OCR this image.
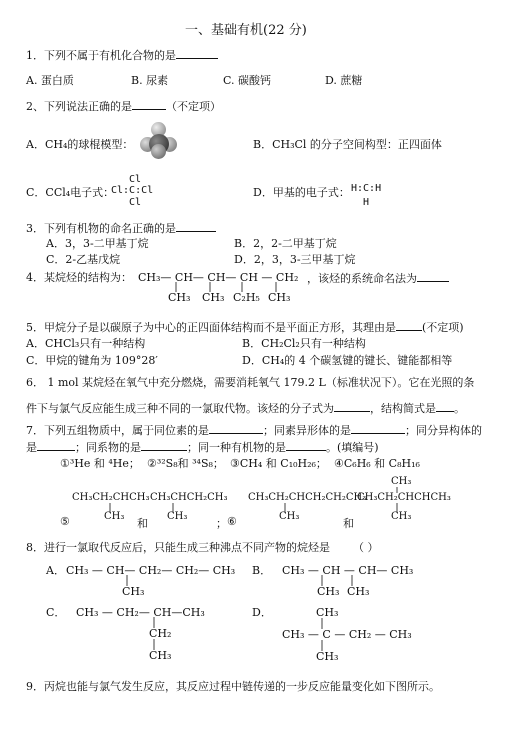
一、基础有机(22 分)
1．下列不属于有机化合物的是
A. 蛋白质	B. 尿素	C. 碳酸钙	D. 蔗糖
2、下列说法正确的是	（不定项）
A．CH₄的球棍模型：	B．CH₃Cl 的分子空间构型：正四面体
C．CCl₄电子式：
Cl
Cl:C:Cl
Cl
D．甲基的电子式： H:C:H
H
3．下列有机物的命名正确的是
A．3，3-二甲基丁烷	B．2，2-二甲基丁烷
C．2-乙基戊烷	D．2，3，3-三甲基丁烷
4．某烷烃的结构为： CH₃— CH— CH— CH — CH₂
CH₃ CH₃ C₂H₅ CH₃
，该烃的系统命名法为
5．甲烷分子是以碳原子为中心的正四面体结构而不是平面正方形，其理由是 (不定项)
A．CHCl₃只有一种结构	B．CH₂Cl₂只有一种结构
C．甲烷的键角为 109°28′	D．CH₄的 4 个碳氢键的键长、键能都相等
6． 1 mol 某烷烃在氧气中充分燃烧，需要消耗氧气 179.2 L（标准状况下）。它在光照的条
件下与氯气反应能生成三种不同的一氯取代物。该烃的分子式为	，结构简式是 。
7．下列五组物质中，属于同位素的是	；同素异形体的是	；同分异构体的
是	；同系物的是	；同一种有机物的是	。(填编号)
①³He 和 ⁴He； ②³²S₈和 ³⁴S₈； ③CH₄ 和 C₁₀H₂₆； ④C₆H₆ 和 C₈H₁₆
CH₃CH₂CHCH₃
CH₃
CH₃CHCH₂CH₃
CH₃
CH₃CH₂CHCH₂CH₂CH₃
CH₃
CH₃
CH₃CH₂CHCHCH₃
CH₃
⑤	和	； ⑥	和
8．进行一氯取代反应后，只能生成三种沸点不同产物的烷烃是 （ ）
A． CH₃ — CH— CH₂— CH₂— CH₃
CH₃
B． CH₃ — CH — CH— CH₃
CH₃ CH₃
C． CH₃ — CH₂— CH—CH₃
CH₂
CH₃
D．	CH₃
CH₃ — C — CH₂ — CH₃
CH₃
9．丙烷也能与氯气发生反应，其反应过程中链传递的一步反应能量变化如下图所示。
